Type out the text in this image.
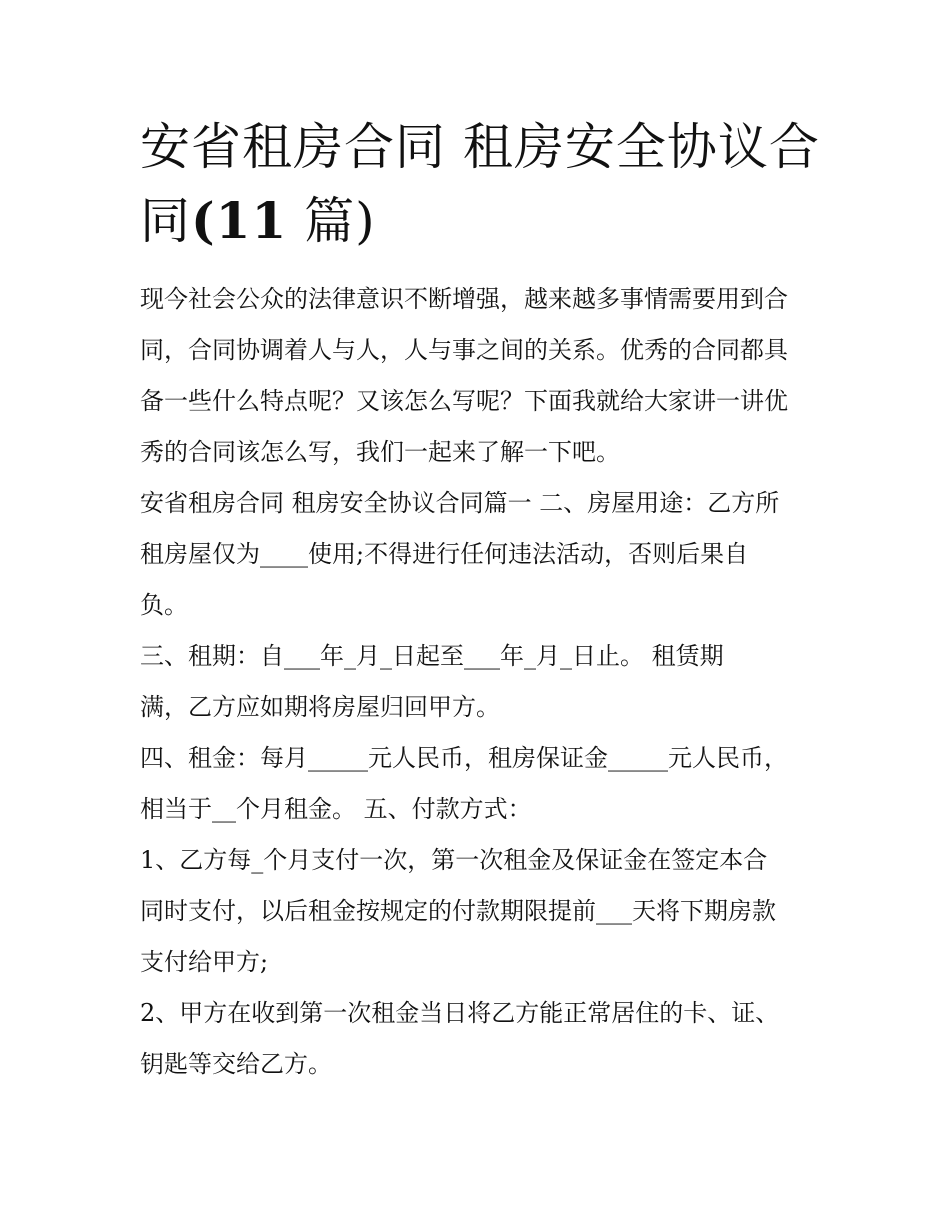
安省租房合同 租房安全协议合
同(11 篇)

现今社会公众的法律意识不断增强，越来越多事情需要用到合
同，合同协调着人与人，人与事之间的关系。优秀的合同都具
备一些什么特点呢？又该怎么写呢？下面我就给大家讲一讲优
秀的合同该怎么写，我们一起来了解一下吧。

安省租房合同 租房安全协议合同篇一 二、房屋用途：乙方所
租房屋仅为____使用;不得进行任何违法活动，否则后果自
负。

三、租期：自___年_月_日起至___年_月_日止。 租赁期
满，乙方应如期将房屋归回甲方。

四、租金：每月_____元人民币，租房保证金_____元人民币，
相当于__个月租金。 五、付款方式：

1、乙方每_个月支付一次，第一次租金及保证金在签定本合
同时支付，以后租金按规定的付款期限提前___天将下期房款
支付给甲方;

2、甲方在收到第一次租金当日将乙方能正常居住的卡、证、
钥匙等交给乙方。
